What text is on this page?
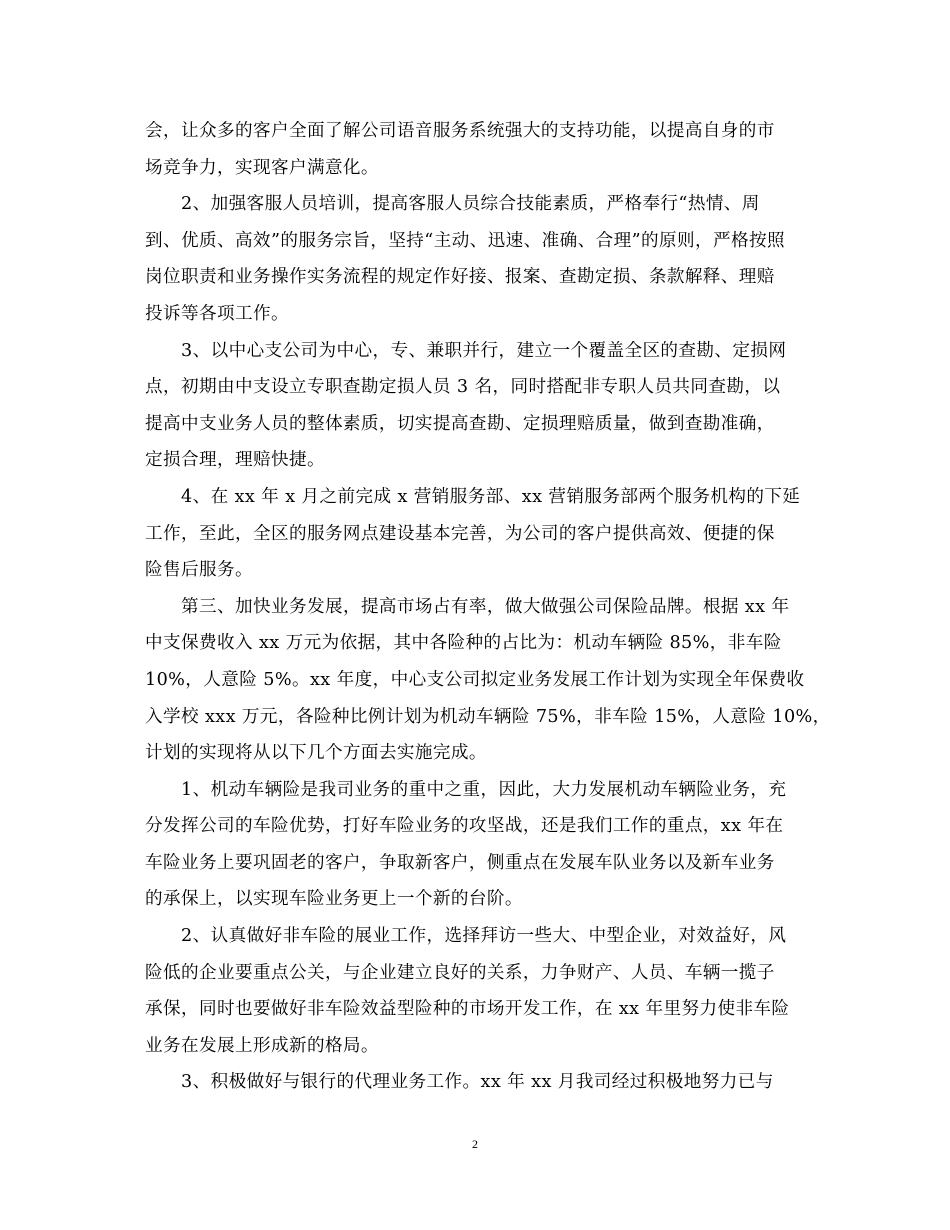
会，让众多的客户全面了解公司语音服务系统强大的支持功能，以提高自身的市
场竞争力，实现客户满意化。
2、加强客服人员培训，提高客服人员综合技能素质，严格奉行“热情、周
到、优质、高效”的服务宗旨，坚持“主动、迅速、准确、合理”的原则，严格按照
岗位职责和业务操作实务流程的规定作好接、报案、查勘定损、条款解释、理赔
投诉等各项工作。
3、以中心支公司为中心，专、兼职并行，建立一个覆盖全区的查勘、定损网
点，初期由中支设立专职查勘定损人员 3 名，同时搭配非专职人员共同查勘，以
提高中支业务人员的整体素质，切实提高查勘、定损理赔质量，做到查勘准确，
定损合理，理赔快捷。
4、在 xx 年 x 月之前完成 x 营销服务部、xx 营销服务部两个服务机构的下延
工作，至此，全区的服务网点建设基本完善，为公司的客户提供高效、便捷的保
险售后服务。
第三、加快业务发展，提高市场占有率，做大做强公司保险品牌。根据 xx 年
中支保费收入 xx 万元为依据，其中各险种的占比为：机动车辆险 85%，非车险
10%，人意险 5%。xx 年度，中心支公司拟定业务发展工作计划为实现全年保费收
入学校 xxx 万元，各险种比例计划为机动车辆险 75%，非车险 15%，人意险 10%，
计划的实现将从以下几个方面去实施完成。
1、机动车辆险是我司业务的重中之重，因此，大力发展机动车辆险业务，充
分发挥公司的车险优势，打好车险业务的攻坚战，还是我们工作的重点，xx 年在
车险业务上要巩固老的客户，争取新客户，侧重点在发展车队业务以及新车业务
的承保上，以实现车险业务更上一个新的台阶。
2、认真做好非车险的展业工作，选择拜访一些大、中型企业，对效益好，风
险低的企业要重点公关，与企业建立良好的关系，力争财产、人员、车辆一揽子
承保，同时也要做好非车险效益型险种的市场开发工作，在 xx 年里努力使非车险
业务在发展上形成新的格局。
3、积极做好与银行的代理业务工作。xx 年 xx 月我司经过积极地努力已与
2
